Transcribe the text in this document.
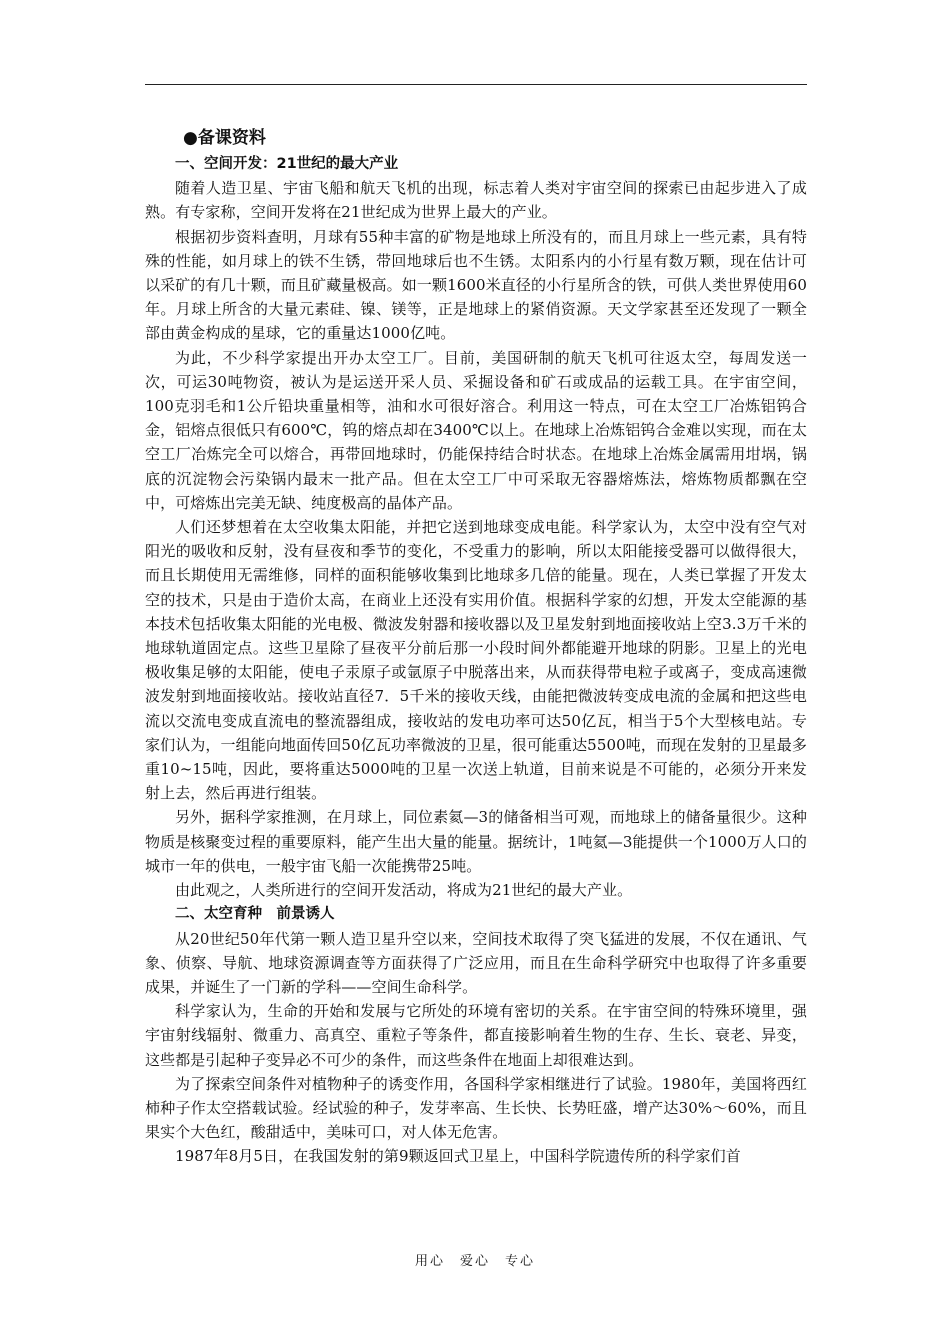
●备课资料
一、空间开发：21世纪的最大产业

随着人造卫星、宇宙飞船和航天飞机的出现，标志着人类对宇宙空间的探索已由起步进入了成熟。有专家称，空间开发将在21世纪成为世界上最大的产业。

根据初步资料查明，月球有55种丰富的矿物是地球上所没有的，而且月球上一些元素，具有特殊的性能，如月球上的铁不生锈，带回地球后也不生锈。太阳系内的小行星有数万颗，现在估计可以采矿的有几十颗，而且矿藏量极高。如一颗1600米直径的小行星所含的铁，可供人类世界使用60年。月球上所含的大量元素硅、镍、镁等，正是地球上的紧俏资源。天文学家甚至还发现了一颗全部由黄金构成的星球，它的重量达1000亿吨。

为此，不少科学家提出开办太空工厂。目前，美国研制的航天飞机可往返太空，每周发送一次，可运30吨物资，被认为是运送开采人员、采掘设备和矿石或成品的运载工具。在宇宙空间，100克羽毛和1公斤铅块重量相等，油和水可很好溶合。利用这一特点，可在太空工厂冶炼铝钨合金，铝熔点很低只有600℃，钨的熔点却在3400℃以上。在地球上冶炼铝钨合金难以实现，而在太空工厂冶炼完全可以熔合，再带回地球时，仍能保持结合时状态。在地球上冶炼金属需用坩埚，锅底的沉淀物会污染锅内最末一批产品。但在太空工厂中可采取无容器熔炼法，熔炼物质都飘在空中，可熔炼出完美无缺、纯度极高的晶体产品。

人们还梦想着在太空收集太阳能，并把它送到地球变成电能。科学家认为，太空中没有空气对阳光的吸收和反射，没有昼夜和季节的变化，不受重力的影响，所以太阳能接受器可以做得很大，而且长期使用无需维修，同样的面积能够收集到比地球多几倍的能量。现在，人类已掌握了开发太空的技术，只是由于造价太高，在商业上还没有实用价值。根据科学家的幻想，开发太空能源的基本技术包括收集太阳能的光电极、微波发射器和接收器以及卫星发射到地面接收站上空3.3万千米的地球轨道固定点。这些卫星除了昼夜平分前后那一小段时间外都能避开地球的阴影。卫星上的光电极收集足够的太阳能，使电子汞原子或氩原子中脱落出来，从而获得带电粒子或离子，变成高速微波发射到地面接收站。接收站直径7．5千米的接收天线，由能把微波转变成电流的金属和把这些电流以交流电变成直流电的整流器组成，接收站的发电功率可达50亿瓦，相当于5个大型核电站。专家们认为，一组能向地面传回50亿瓦功率微波的卫星，很可能重达5500吨，而现在发射的卫星最多重10~15吨，因此，要将重达5000吨的卫星一次送上轨道，目前来说是不可能的，必须分开来发射上去，然后再进行组装。

另外，据科学家推测，在月球上，同位素氦—3的储备相当可观，而地球上的储备量很少。这种物质是核聚变过程的重要原料，能产生出大量的能量。据统计，1吨氦—3能提供一个1000万人口的城市一年的供电，一般宇宙飞船一次能携带25吨。

由此观之，人类所进行的空间开发活动，将成为21世纪的最大产业。

二、太空育种　前景诱人

从20世纪50年代第一颗人造卫星升空以来，空间技术取得了突飞猛进的发展，不仅在通讯、气象、侦察、导航、地球资源调查等方面获得了广泛应用，而且在生命科学研究中也取得了许多重要成果，并诞生了一门新的学科——空间生命科学。

科学家认为，生命的开始和发展与它所处的环境有密切的关系。在宇宙空间的特殊环境里，强宇宙射线辐射、微重力、高真空、重粒子等条件，都直接影响着生物的生存、生长、衰老、异变，这些都是引起种子变异必不可少的条件，而这些条件在地面上却很难达到。

为了探索空间条件对植物种子的诱变作用，各国科学家相继进行了试验。1980年，美国将西红柿种子作太空搭载试验。经试验的种子，发芽率高、生长快、长势旺盛，增产达30%～60%，而且果实个大色红，酸甜适中，美味可口，对人体无危害。

1987年8月5日，在我国发射的第9颗返回式卫星上，中国科学院遗传所的科学家们首

用心　爱心　专心
